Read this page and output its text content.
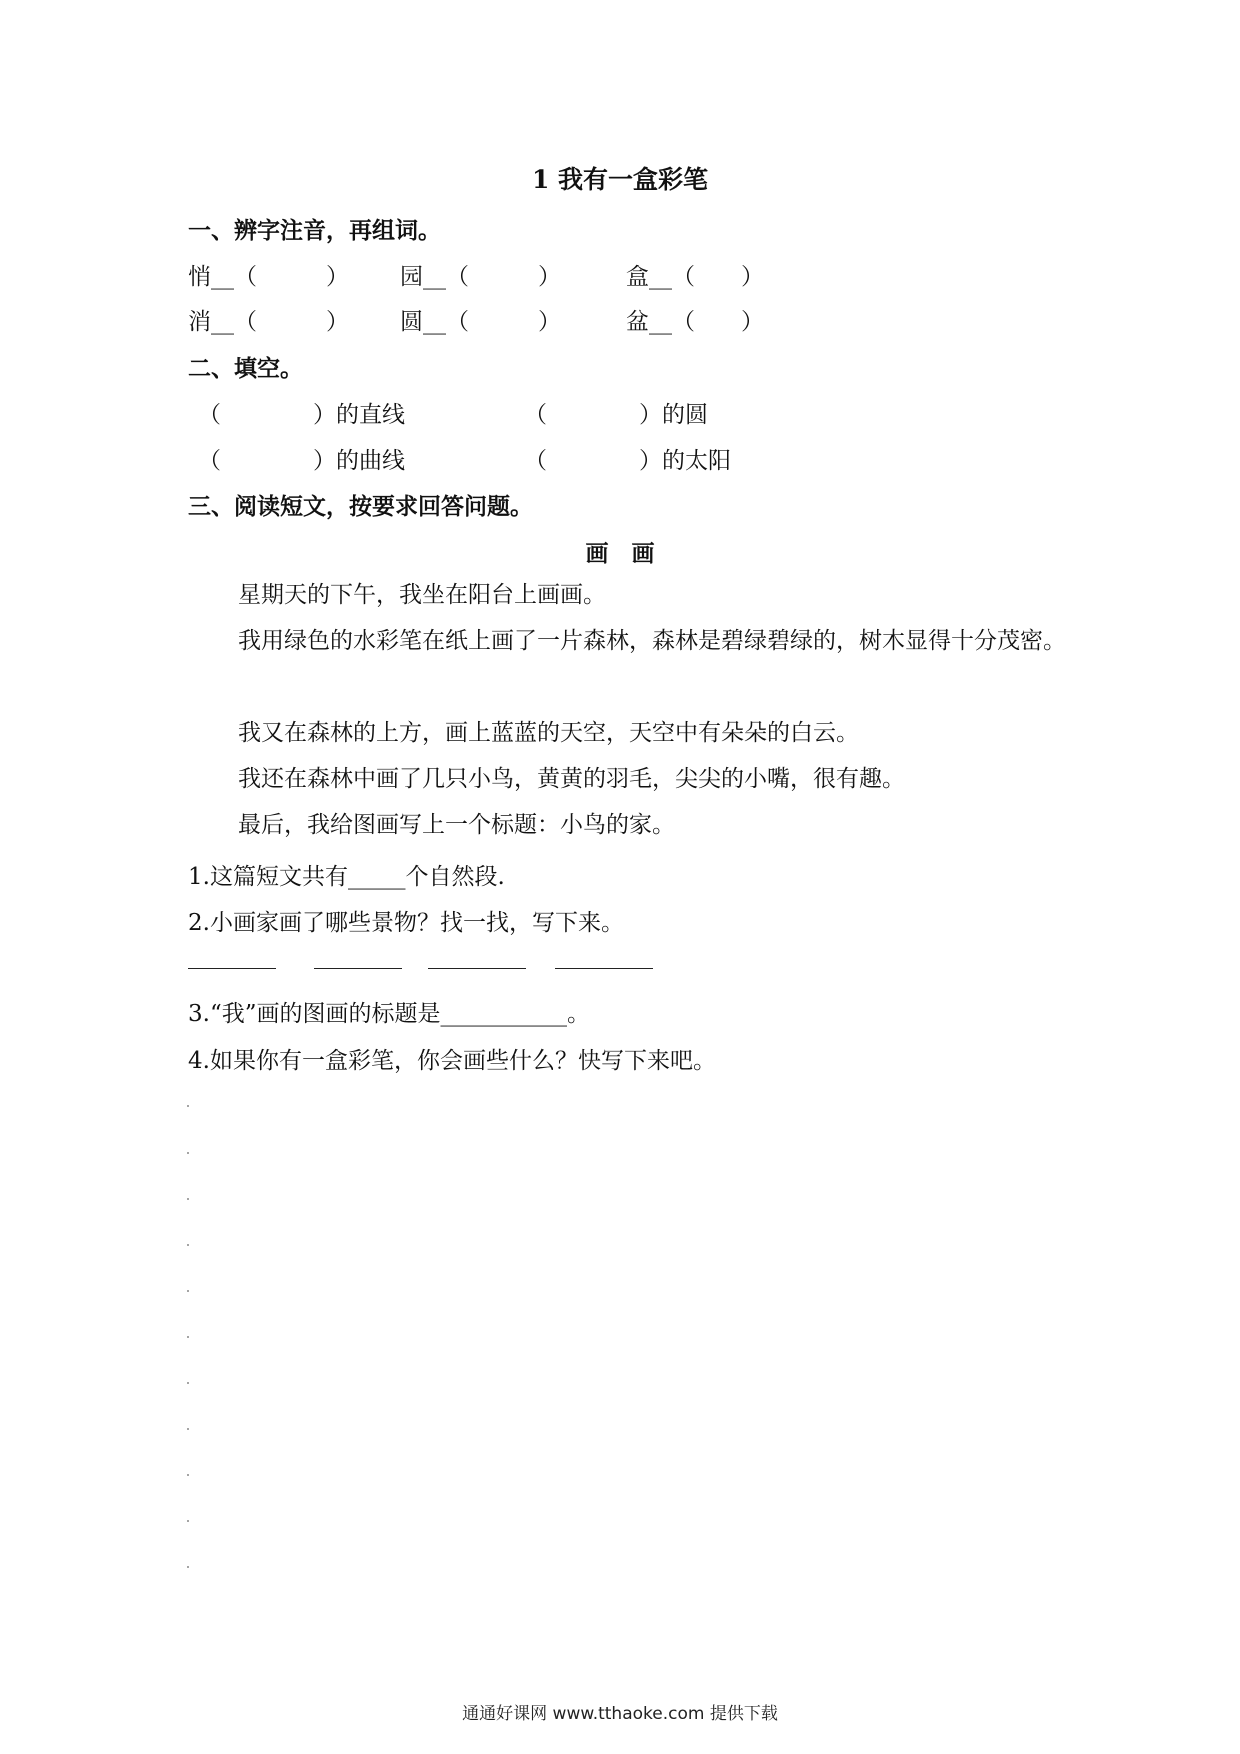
1 我有一盒彩笔
一、辨字注音，再组词。
悄__（　　　） 园__（　　　）	盒__（　　）
消__（　　　） 圆__（　　　）	盆__（　　）
二、填空。
（　　　　）的直线	（　　　　）的圆
（　　　　）的曲线	（　　　　）的太阳
三、阅读短文，按要求回答问题。
画　画
星期天的下午，我坐在阳台上画画。
我用绿色的水彩笔在纸上画了一片森林，森林是碧绿碧绿的，树木显得十分茂密。
我又在森林的上方，画上蓝蓝的天空，天空中有朵朵的白云。
我还在森林中画了几只小鸟，黄黄的羽毛，尖尖的小嘴，很有趣。
最后，我给图画写上一个标题：小鸟的家。
1.这篇短文共有_____个自然段.
2.小画家画了哪些景物？找一找，写下来。
3.“我”画的图画的标题是___________。
4.如果你有一盒彩笔，你会画些什么？快写下来吧。
通通好课网 www.tthaoke.com 提供下载
